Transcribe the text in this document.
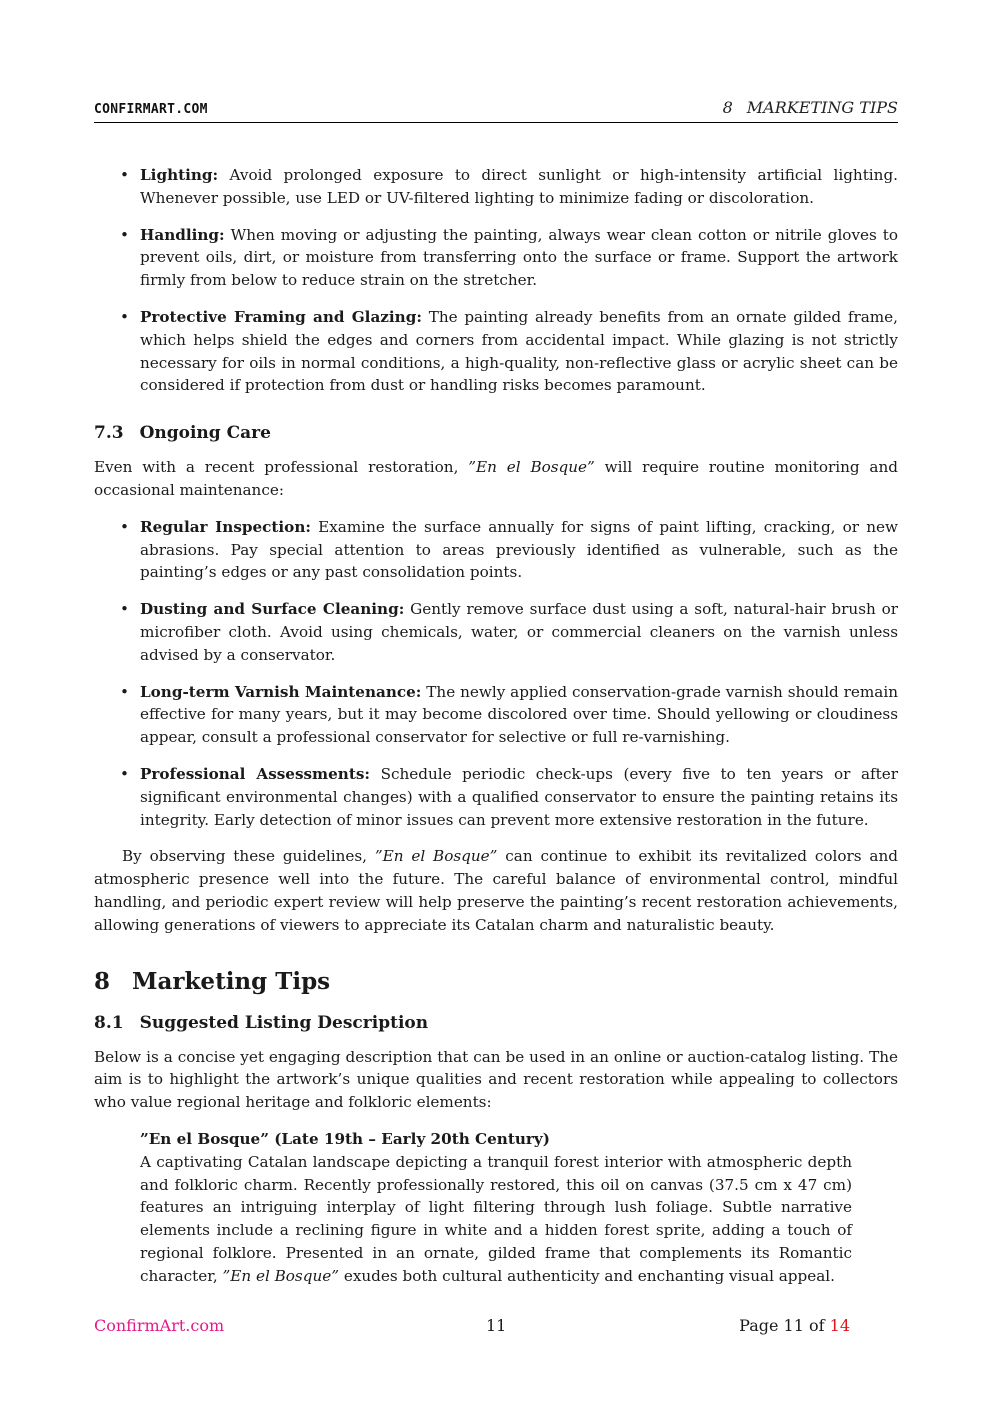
CONFIRMART.COM	8 MARKETING TIPS
• Lighting: Avoid prolonged exposure to direct sunlight or high-intensity artificial lighting. Whenever possible, use LED or UV-filtered lighting to minimize fading or discoloration.
• Handling: When moving or adjusting the painting, always wear clean cotton or nitrile gloves to prevent oils, dirt, or moisture from transferring onto the surface or frame. Support the artwork firmly from below to reduce strain on the stretcher.
• Protective Framing and Glazing: The painting already benefits from an ornate gilded frame, which helps shield the edges and corners from accidental impact. While glazing is not strictly necessary for oils in normal conditions, a high-quality, non-reflective glass or acrylic sheet can be considered if protection from dust or handling risks becomes paramount.
7.3 Ongoing Care

Even with a recent professional restoration, ”En el Bosque” will require routine monitoring and occasional maintenance:

• Regular Inspection: Examine the surface annually for signs of paint lifting, cracking, or new abrasions. Pay special attention to areas previously identified as vulnerable, such as the painting’s edges or any past consolidation points.
• Dusting and Surface Cleaning: Gently remove surface dust using a soft, natural-hair brush or microfiber cloth. Avoid using chemicals, water, or commercial cleaners on the varnish unless advised by a conservator.
• Long-term Varnish Maintenance: The newly applied conservation-grade varnish should remain effective for many years, but it may become discolored over time. Should yellowing or cloudiness appear, consult a professional conservator for selective or full re-varnishing.
• Professional Assessments: Schedule periodic check-ups (every five to ten years or after significant environmental changes) with a qualified conservator to ensure the painting retains its integrity. Early detection of minor issues can prevent more extensive restoration in the future.

By observing these guidelines, ”En el Bosque” can continue to exhibit its revitalized colors and atmospheric presence well into the future. The careful balance of environmental control, mindful handling, and periodic expert review will help preserve the painting’s recent restoration achievements, allowing generations of viewers to appreciate its Catalan charm and naturalistic beauty.

8 Marketing Tips
8.1 Suggested Listing Description

Below is a concise yet engaging description that can be used in an online or auction-catalog listing. The aim is to highlight the artwork’s unique qualities and recent restoration while appealing to collectors who value regional heritage and folkloric elements:

”En el Bosque” (Late 19th – Early 20th Century)
A captivating Catalan landscape depicting a tranquil forest interior with atmospheric depth and folkloric charm. Recently professionally restored, this oil on canvas (37.5 cm x 47 cm) features an intriguing interplay of light filtering through lush foliage. Subtle narrative elements include a reclining figure in white and a hidden forest sprite, adding a touch of regional folklore. Presented in an ornate, gilded frame that complements its Romantic character, ”En el Bosque” exudes both cultural authenticity and enchanting visual appeal.
ConfirmArt.com	11	Page 11 of 14
